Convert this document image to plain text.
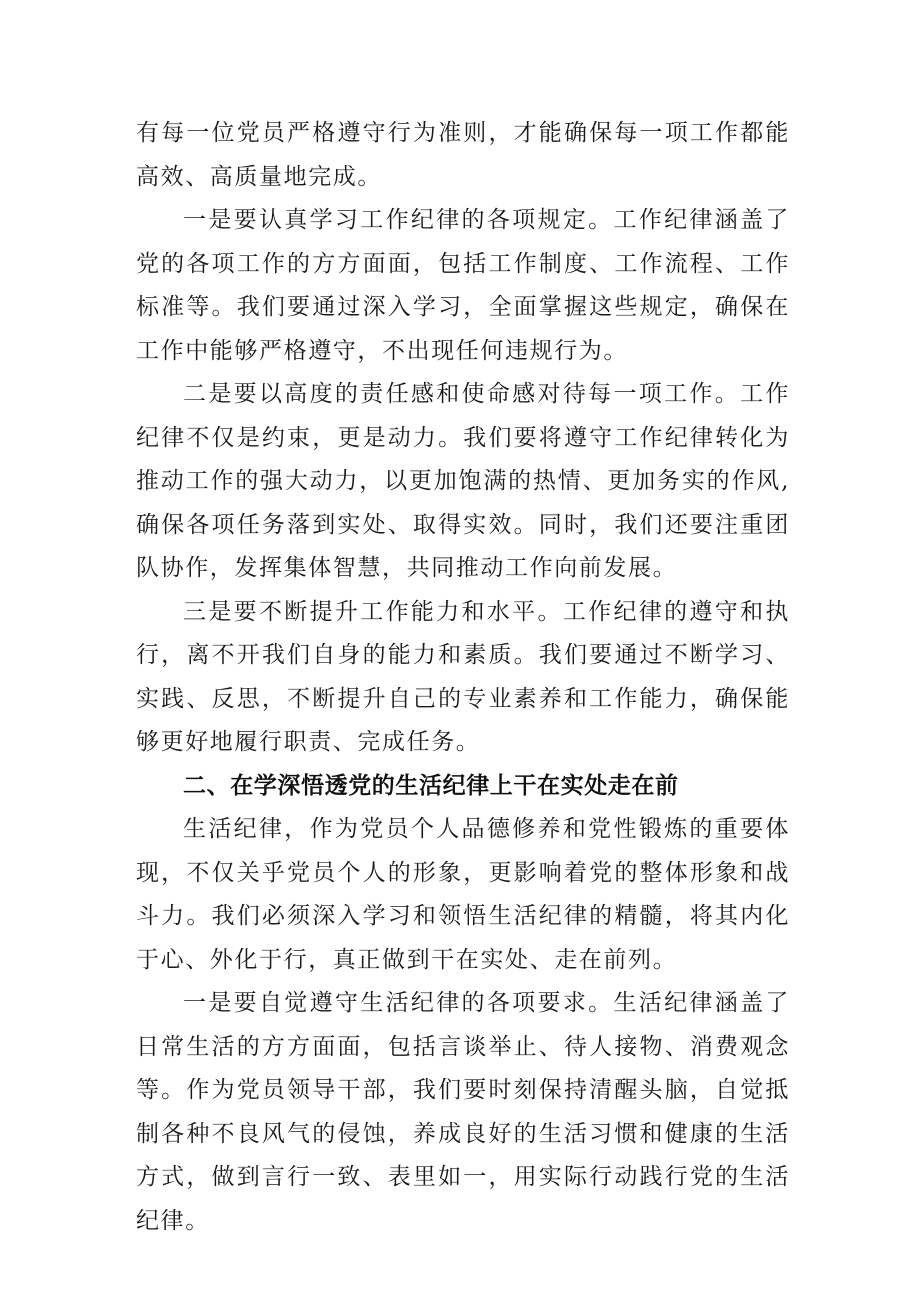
有每一位党员严格遵守行为准则，才能确保每一项工作都能高效、高质量地完成。

一是要认真学习工作纪律的各项规定。工作纪律涵盖了党的各项工作的方方面面，包括工作制度、工作流程、工作标准等。我们要通过深入学习，全面掌握这些规定，确保在工作中能够严格遵守，不出现任何违规行为。

二是要以高度的责任感和使命感对待每一项工作。工作纪律不仅是约束，更是动力。我们要将遵守工作纪律转化为推动工作的强大动力，以更加饱满的热情、更加务实的作风,确保各项任务落到实处、取得实效。同时，我们还要注重团队协作，发挥集体智慧，共同推动工作向前发展。

三是要不断提升工作能力和水平。工作纪律的遵守和执行，离不开我们自身的能力和素质。我们要通过不断学习、实践、反思，不断提升自己的专业素养和工作能力，确保能够更好地履行职责、完成任务。

二、在学深悟透党的生活纪律上干在实处走在前

生活纪律，作为党员个人品德修养和党性锻炼的重要体现，不仅关乎党员个人的形象，更影响着党的整体形象和战斗力。我们必须深入学习和领悟生活纪律的精髓，将其内化于心、外化于行，真正做到干在实处、走在前列。

一是要自觉遵守生活纪律的各项要求。生活纪律涵盖了日常生活的方方面面，包括言谈举止、待人接物、消费观念等。作为党员领导干部，我们要时刻保持清醒头脑，自觉抵制各种不良风气的侵蚀，养成良好的生活习惯和健康的生活方式，做到言行一致、表里如一，用实际行动践行党的生活纪律。
